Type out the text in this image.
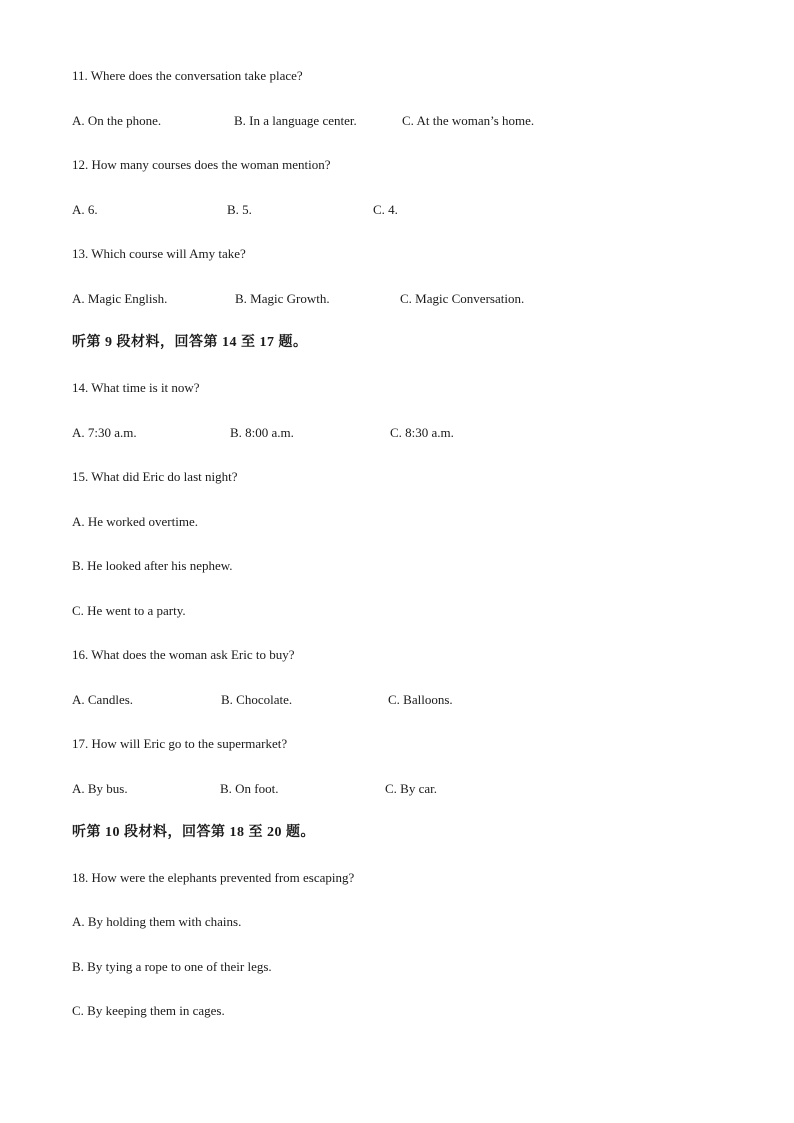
11. Where does the conversation take place?
A. On the phone.	B. In a language center.	C. At the woman’s home.
12. How many courses does the woman mention?
A. 6.	B. 5.	C. 4.
13. Which course will Amy take?
A. Magic English.	B. Magic Growth.	C. Magic Conversation.
听第 9 段材料，回答第 14 至 17 题。
14. What time is it now?
A. 7:30 a.m.	B. 8:00 a.m.	C. 8:30 a.m.
15. What did Eric do last night?
A. He worked overtime.
B. He looked after his nephew.
C. He went to a party.
16. What does the woman ask Eric to buy?
A. Candles.	B. Chocolate.	C. Balloons.
17. How will Eric go to the supermarket?
A. By bus.	B. On foot.	C. By car.
听第 10 段材料，回答第 18 至 20 题。
18. How were the elephants prevented from escaping?
A. By holding them with chains.
B. By tying a rope to one of their legs.
C. By keeping them in cages.
